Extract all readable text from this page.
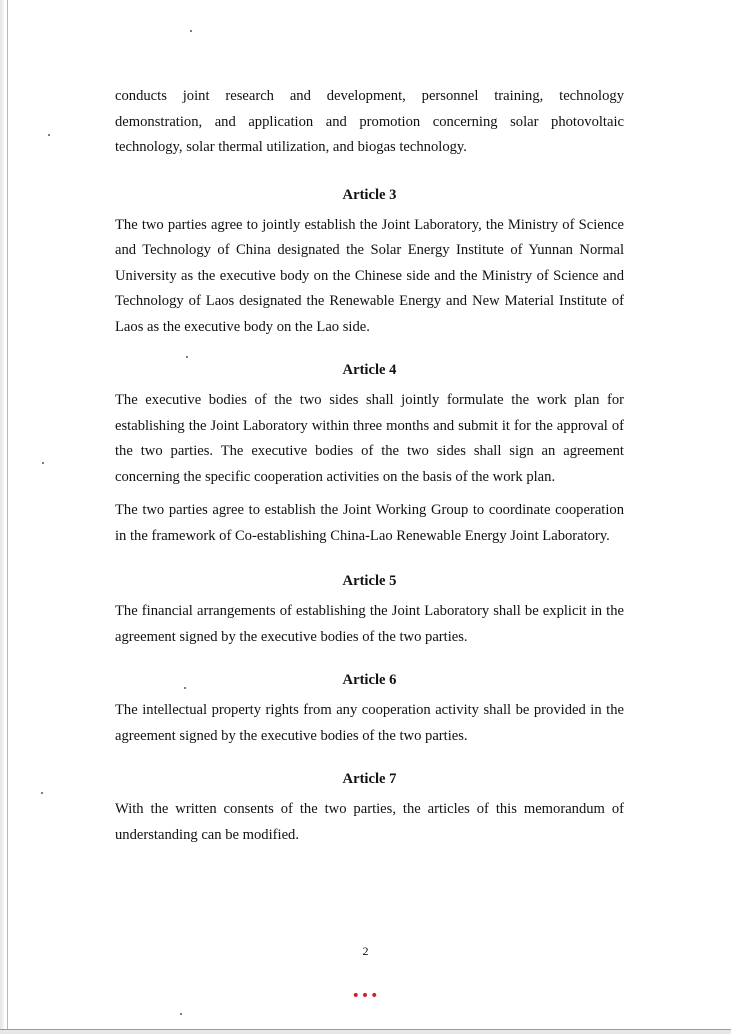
conducts joint research and development, personnel training, technology demonstration, and application and promotion concerning solar photovoltaic technology, solar thermal utilization, and biogas technology.

Article 3

The two parties agree to jointly establish the Joint Laboratory, the Ministry of Science and Technology of China designated the Solar Energy Institute of Yunnan Normal University as the executive body on the Chinese side and the Ministry of Science and Technology of Laos designated the Renewable Energy and New Material Institute of Laos as the executive body on the Lao side.

Article 4

The executive bodies of the two sides shall jointly formulate the work plan for establishing the Joint Laboratory within three months and submit it for the approval of the two parties. The executive bodies of the two sides shall sign an agreement concerning the specific cooperation activities on the basis of the work plan.

The two parties agree to establish the Joint Working Group to coordinate cooperation in the framework of Co-establishing China-Lao Renewable Energy Joint Laboratory.

Article 5

The financial arrangements of establishing the Joint Laboratory shall be explicit in the agreement signed by the executive bodies of the two parties.

Article 6

The intellectual property rights from any cooperation activity shall be provided in the agreement signed by the executive bodies of the two parties.

Article 7

With the written consents of the two parties, the articles of this memorandum of understanding can be modified.

2
•••
